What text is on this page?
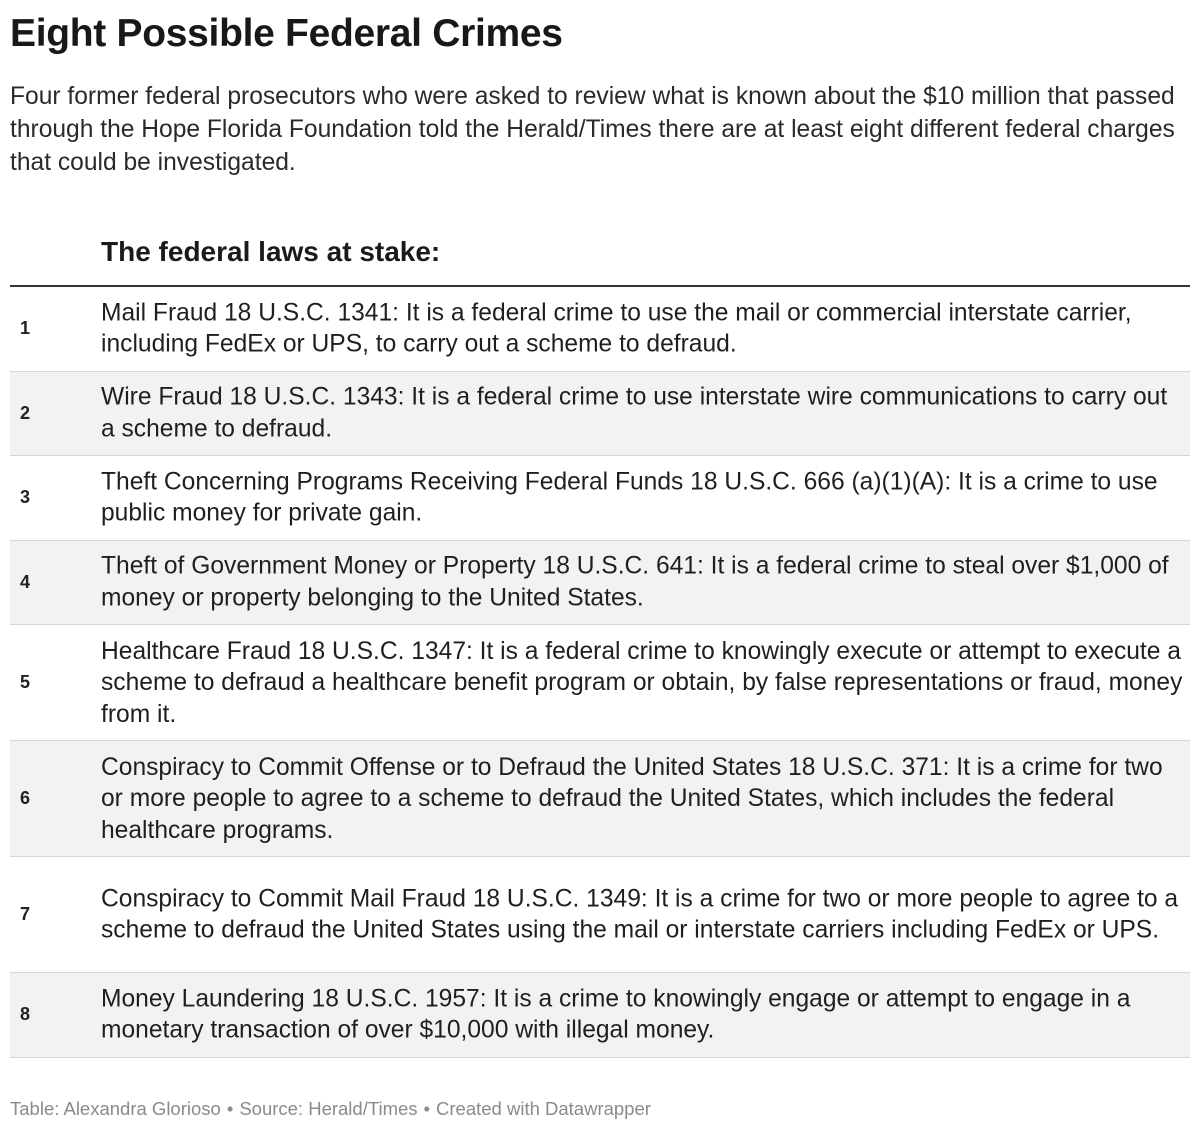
Eight Possible Federal Crimes

Four former federal prosecutors who were asked to review what is known about the $10 million that passed through the Hope Florida Foundation told the Herald/Times there are at least eight different federal charges that could be investigated.

The federal laws at stake:
1
Mail Fraud 18 U.S.C. 1341: It is a federal crime to use the mail or commercial interstate carrier, including FedEx or UPS, to carry out a scheme to defraud.
2
Wire Fraud 18 U.S.C. 1343: It is a federal crime to use interstate wire communications to carry out a scheme to defraud.
3
Theft Concerning Programs Receiving Federal Funds 18 U.S.C. 666 (a)(1)(A): It is a crime to use public money for private gain.
4
Theft of Government Money or Property 18 U.S.C. 641: It is a federal crime to steal over $1,000 of money or property belonging to the United States.
5
Healthcare Fraud 18 U.S.C. 1347: It is a federal crime to knowingly execute or attempt to execute a scheme to defraud a healthcare benefit program or obtain, by false representations or fraud, money from it.
6
Conspiracy to Commit Offense or to Defraud the United States 18 U.S.C. 371: It is a crime for two or more people to agree to a scheme to defraud the United States, which includes the federal healthcare programs.
7
Conspiracy to Commit Mail Fraud 18 U.S.C. 1349: It is a crime for two or more people to agree to a scheme to defraud the United States using the mail or interstate carriers including FedEx or UPS.
8
Money Laundering 18 U.S.C. 1957: It is a crime to knowingly engage or attempt to engage in a monetary transaction of over $10,000 with illegal money.
Table: Alexandra Glorioso • Source: Herald/Times • Created with Datawrapper
